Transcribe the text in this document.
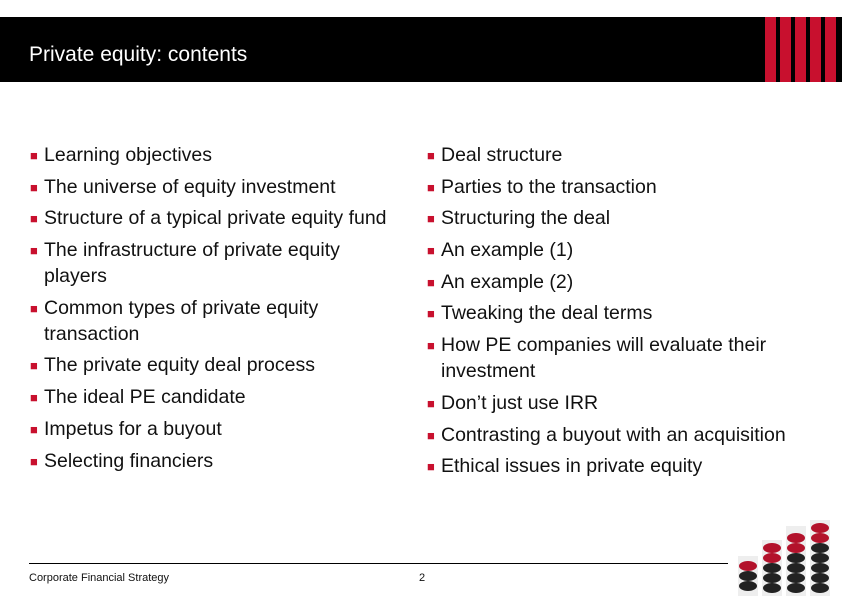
Private equity: contents
■ Learning objectives
■ The universe of equity investment
■ Structure of a typical private equity fund
■ The infrastructure of private equity players
■ Common types of private equity transaction
■ The private equity deal process
■ The ideal PE candidate
■ Impetus for a buyout
■ Selecting financiers
■ Deal structure
■ Parties to the transaction
■ Structuring the deal
■ An example (1)
■ An example (2)
■ Tweaking the deal terms
■ How PE companies will evaluate their investment
■ Don’t just use IRR
■ Contrasting a buyout with an acquisition
■ Ethical issues in private equity
Corporate Financial Strategy	2
